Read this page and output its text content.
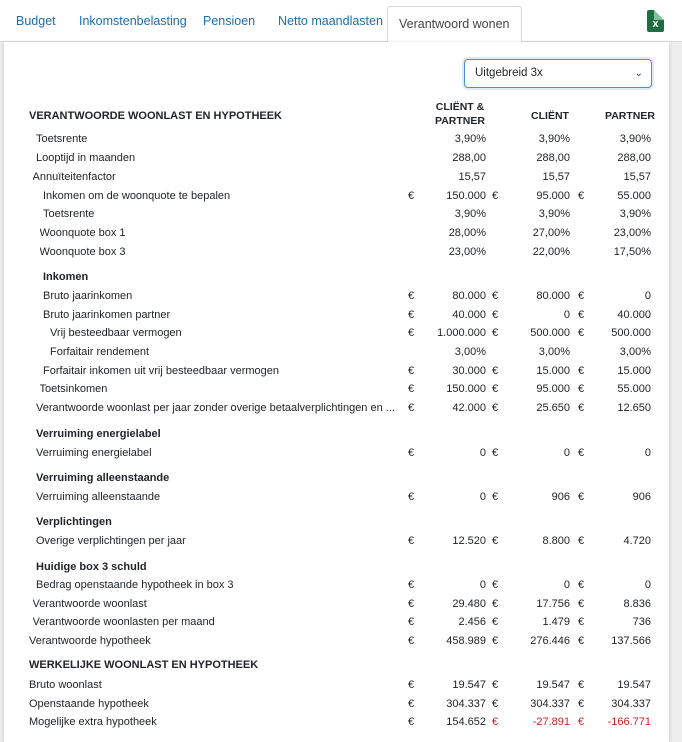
Budget Inkomstenbelasting Pensioen Netto maandlasten	Verantwoord wonen	x
Uitgebreid 3x	⌄
CLIËNT &
PARTNER	CLIËNT	PARTNER
VERANTWOORDE WOONLAST EN HYPOTHEEK
Toetsrente	3,90%	3,90%	3,90%
Looptijd in maanden	288,00	288,00	288,00
Annuïteitenfactor	15,57	15,57	15,57
Inkomen om de woonquote te bepalen	€	150.000 €	95.000 €	55.000
Toetsrente	3,90%	3,90%	3,90%
Woonquote box 1	28,00%	27,00%	23,00%
Woonquote box 3	23,00%	22,00%	17,50%
Inkomen
Bruto jaarinkomen	€	80.000 €	80.000 €	0
Bruto jaarinkomen partner	€	40.000 €	0 €	40.000
Vrij besteedbaar vermogen	€	1.000.000 €	500.000 €	500.000
Forfaitair rendement	3,00%	3,00%	3,00%
Forfaitair inkomen uit vrij besteedbaar vermogen	€	30.000 €	15.000 €	15.000
Toetsinkomen	€	150.000 €	95.000 €	55.000
Verantwoorde woonlast per jaar zonder overige betaalverplichtingen en ...	€	42.000 €	25.650 €	12.650
Verruiming energielabel
Verruiming energielabel	€	0 €	0 €	0
Verruiming alleenstaande
Verruiming alleenstaande	€	0 €	906 €	906
Verplichtingen
Overige verplichtingen per jaar	€	12.520 €	8.800 €	4.720
Huidige box 3 schuld
Bedrag openstaande hypotheek in box 3	€	0 €	0 €	0
Verantwoorde woonlast	€	29.480 €	17.756 €	8.836
Verantwoorde woonlasten per maand	€	2.456 €	1.479 €	736
Verantwoorde hypotheek	€	458.989 €	276.446 €	137.566
WERKELIJKE WOONLAST EN HYPOTHEEK
Bruto woonlast	€	19.547 €	19.547 €	19.547
Openstaande hypotheek	€	304.337 €	304.337 €	304.337
Mogelijke extra hypotheek	€	154.652 €	-27.891 €	-166.771
